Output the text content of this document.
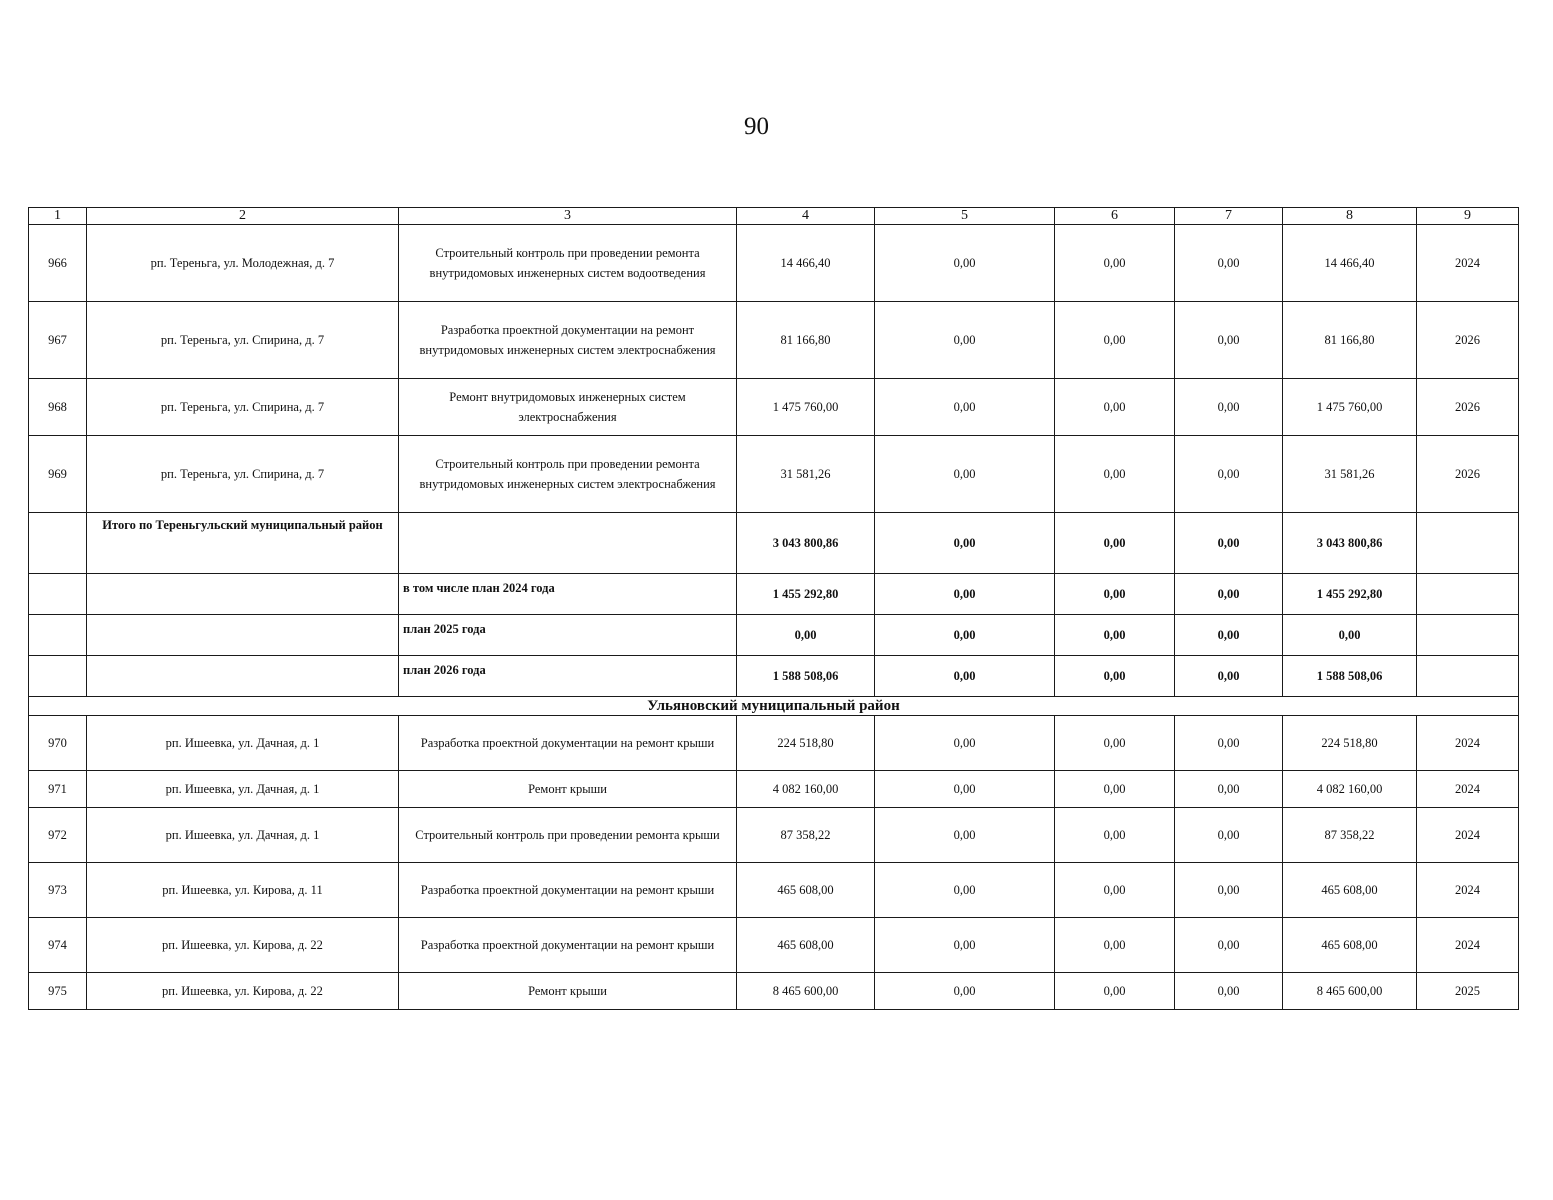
90
1	2	3	4	5	6	7	8	9
966	рп. Тереньга, ул. Молодежная, д. 7	Строительный контроль при проведении ремонта внутридомовых инженерных систем водоотведения	14 466,40	0,00	0,00	0,00	14 466,40	2024
967	рп. Тереньга, ул. Спирина, д. 7	Разработка проектной документации на ремонт внутридомовых инженерных систем электроснабжения	81 166,80	0,00	0,00	0,00	81 166,80	2026
968	рп. Тереньга, ул. Спирина, д. 7	Ремонт внутридомовых инженерных систем электроснабжения	1 475 760,00	0,00	0,00	0,00	1 475 760,00	2026
969	рп. Тереньга, ул. Спирина, д. 7	Строительный контроль при проведении ремонта внутридомовых инженерных систем электроснабжения	31 581,26	0,00	0,00	0,00	31 581,26	2026
	Итого по Тереньгульский муниципальный район		3 043 800,86	0,00	0,00	0,00	3 043 800,86	
		в том числе план 2024 года	1 455 292,80	0,00	0,00	0,00	1 455 292,80	
		план 2025 года	0,00	0,00	0,00	0,00	0,00	
		план 2026 года	1 588 508,06	0,00	0,00	0,00	1 588 508,06	
Ульяновский муниципальный район								
970	рп. Ишеевка, ул. Дачная, д. 1	Разработка проектной документации на ремонт крыши	224 518,80	0,00	0,00	0,00	224 518,80	2024
971	рп. Ишеевка, ул. Дачная, д. 1	Ремонт крыши	4 082 160,00	0,00	0,00	0,00	4 082 160,00	2024
972	рп. Ишеевка, ул. Дачная, д. 1	Строительный контроль при проведении ремонта крыши	87 358,22	0,00	0,00	0,00	87 358,22	2024
973	рп. Ишеевка, ул. Кирова, д. 11	Разработка проектной документации на ремонт крыши	465 608,00	0,00	0,00	0,00	465 608,00	2024
974	рп. Ишеевка, ул. Кирова, д. 22	Разработка проектной документации на ремонт крыши	465 608,00	0,00	0,00	0,00	465 608,00	2024
975	рп. Ишеевка, ул. Кирова, д. 22	Ремонт крыши	8 465 600,00	0,00	0,00	0,00	8 465 600,00	2025
